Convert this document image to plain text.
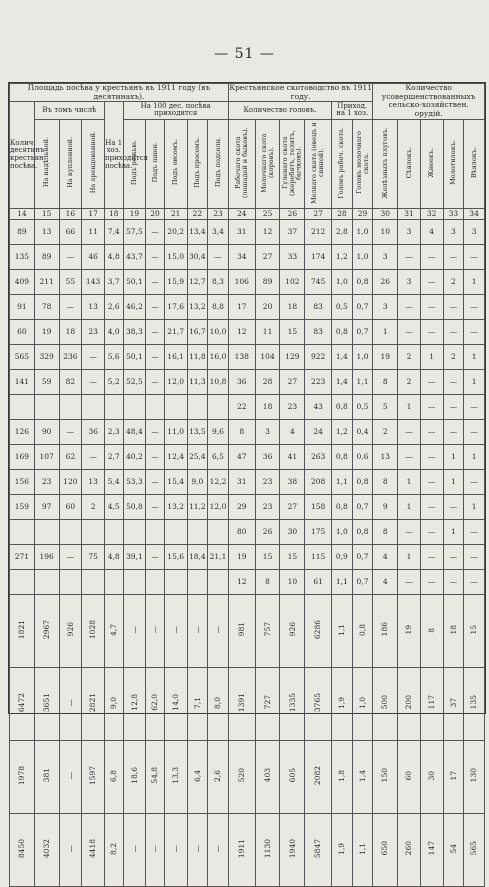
— 51 —
Площадь посѣва у крестьянъ въ 1911 году (въ десятинахъ).										Крестьянское скотоводство въ 1911 году.						Количество усовершенствованныхъ сельско-хозяйствен. орудій.				
Колич. десятинъ крестьян. посѣва.	Въ томъ числѣ			На 1 хоз. приходится посѣва.	На 100 дес. посѣва приходится					Количество головъ.				Приход. на 1 хоз.						
	На надѣльной.	На купленной.	На арендованной.		Подъ рожью.	Подъ пшен.	Подъ овсомъ.	Подъ просомъ.	Подъ подсолн.	Рабочаго скота (лошадей и быковъ).	Молочнаго скота (коровъ).	Гуленаго скота (жеребятъ, телятъ, бычковъ).	Мелкаго скота (овецъ и свиней).	Головъ рабоч. скота.	Головъ молочнаго скота.	Желѣзныхъ плуговъ.	Сѣялокъ.	Жнеекъ.	Молотилокъ.	Вѣялокъ.
14	15	16	17	18	19	20	21	22	23	24	25	26	27	28	29	30	31	32	33	34
89	13	66	11	7,4	57,5	—	20,2	13,4	3,4	31	12	37	212	2,8	1,0	10	3	4	3	3
135	89	—	46	4,8	43,7	—	15,0	30,4	—	34	27	33	174	1,2	1,0	3	—	—	—	—
409	211	55	143	3,7	50,1	—	15,9	12,7	8,3	106	89	102	745	1,0	0,8	26	3	—	2	1
91	78	—	13	2,6	46,2	—	17,6	13,2	8,8	17	20	18	83	0,5	0,7	3	—	—	—	—
60	19	18	23	4,0	38,3	—	21,7	16,7	10,0	12	11	15	83	0,8	0,7	1	—	—	—	—
565	329	236	—	5,6	50,1	—	16,1	11,8	16,0	138	104	129	922	1,4	1,0	19	2	1	2	1
141	59	82	—	5,2	52,5	—	12,0	11,3	10,8	36	28	27	223	1,4	1,1	8	2	—	—	1
										22	18	23	43	0,8	0,5	5	1	—	—	—
126	90	—	36	2,3	48,4	—	11,0	13,5	9,6	8	3	4	24	1,2	0,4	2	—	—	—	—
169	107	62	—	2,7	40,2	—	12,4	25,4	6,5	47	36	41	263	0,8	0,6	13	—	—	1	1
156	23	120	13	5,4	53,3	—	15,4	9,0	12,2	31	23	38	208	1,1	0,8	8	1	—	1	—
159	97	60	2	4,5	50,8	—	13,2	11,2	12,0	29	23	27	158	0,8	0,7	9	1	—	—	1
										80	26	30	175	1,0	0,8	8	—	—	1	—
271	196	—	75	4,8	39,1	—	15,6	18,4	21,1	19	15	15	115	0,9	0,7	4	1	—	—	—
										12	8	10	61	1,1	0,7	4	—	—	—	—
1821	2967	926	1028	4,7	—	—	—	—	—	981	757	926	6286	1,1	0,8	186	19	8	18	15
6472	3651	—	2821	9,0	12,8	62,0	14,0	7,1	8,0	1391	727	1335	3765	1,9	1,0	500	200	117	37	135
1978	381	—	1597	6,8	18,6	54,8	13,3	6,4	2,6	520	403	605	2082	1,8	1,4	150	60	30	17	130
8450	4032	—	4418	8,2	—	—	—	—	—	1911	1130	1940	5847	1,9	1,1	650	260	147	54	565
